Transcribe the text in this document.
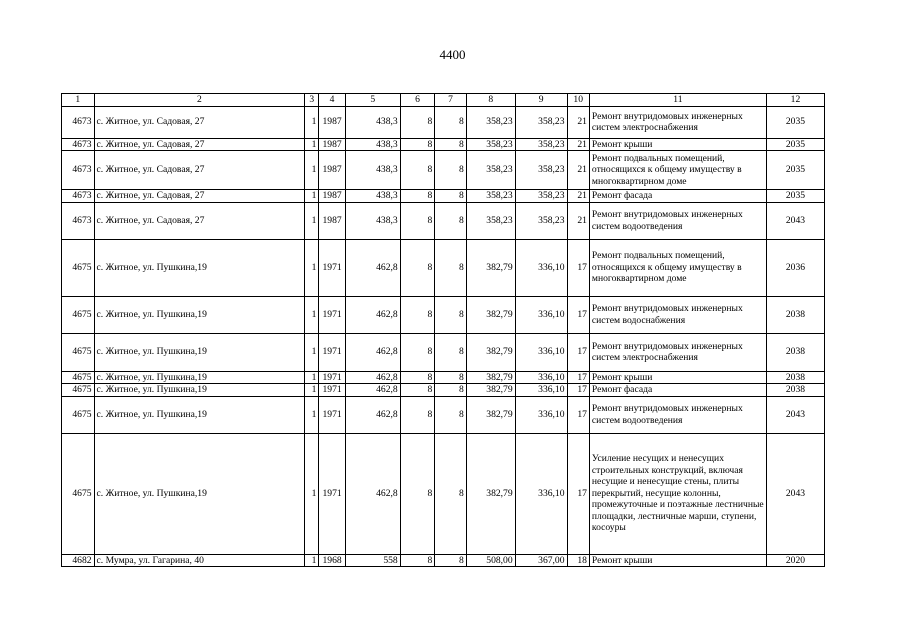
4400
1	2	3	4	5	6	7	8	9	10	11	12
4673	с. Житное, ул. Садовая, 27	1	1987	438,3	8	8	358,23	358,23	21	Ремонт внутридомовых инженерных систем электроснабжения	2035
4673	с. Житное, ул. Садовая, 27	1	1987	438,3	8	8	358,23	358,23	21	Ремонт крыши	2035
4673	с. Житное, ул. Садовая, 27	1	1987	438,3	8	8	358,23	358,23	21	Ремонт подвальных помещений, относящихся к общему имуществу в многоквартирном доме	2035
4673	с. Житное, ул. Садовая, 27	1	1987	438,3	8	8	358,23	358,23	21	Ремонт фасада	2035
4673	с. Житное, ул. Садовая, 27	1	1987	438,3	8	8	358,23	358,23	21	Ремонт внутридомовых инженерных систем водоотведения	2043
4675	с. Житное, ул. Пушкина,19	1	1971	462,8	8	8	382,79	336,10	17	Ремонт подвальных помещений, относящихся к общему имуществу в многоквартирном доме	2036
4675	с. Житное, ул. Пушкина,19	1	1971	462,8	8	8	382,79	336,10	17	Ремонт внутридомовых инженерных систем водоснабжения	2038
4675	с. Житное, ул. Пушкина,19	1	1971	462,8	8	8	382,79	336,10	17	Ремонт внутридомовых инженерных систем электроснабжения	2038
4675	с. Житное, ул. Пушкина,19	1	1971	462,8	8	8	382,79	336,10	17	Ремонт крыши	2038
4675	с. Житное, ул. Пушкина,19	1	1971	462,8	8	8	382,79	336,10	17	Ремонт фасада	2038
4675	с. Житное, ул. Пушкина,19	1	1971	462,8	8	8	382,79	336,10	17	Ремонт внутридомовых инженерных систем водоотведения	2043
4675	с. Житное, ул. Пушкина,19	1	1971	462,8	8	8	382,79	336,10	17	Усиление несущих и ненесущих строительных конструкций, включая несущие и ненесущие стены, плиты перекрытий, несущие колонны, промежуточные и поэтажные лестничные площадки, лестничные марши, ступени, косоуры	2043
4682	с. Мумра, ул. Гагарина, 40	1	1968	558	8	8	508,00	367,00	18	Ремонт крыши	2020
